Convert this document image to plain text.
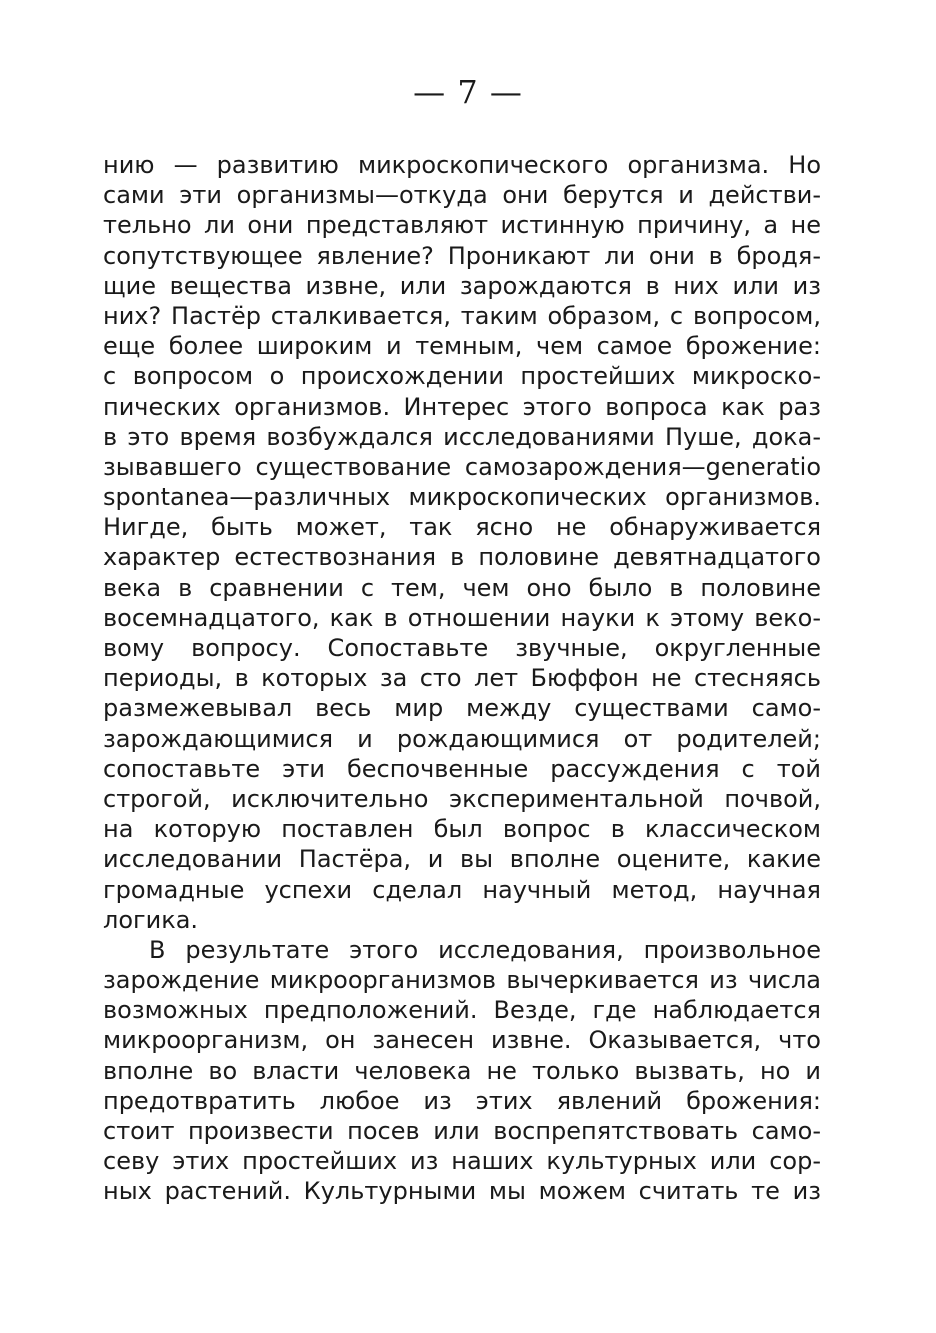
— 7 —

нию — развитию микроскопического организма. Но
сами эти организмы—откуда они берутся и действи-
тельно ли они представляют истинную причину, а не
сопутствующее явление? Проникают ли они в бродя-
щие вещества извне, или зарождаются в них или из
них? Пастёр сталкивается, таким образом, с вопросом,
еще более широким и темным, чем самое брожение:
с вопросом о происхождении простейших микроско-
пических организмов. Интерес этого вопроса как раз
в это время возбуждался исследованиями Пуше, дока-
зывавшего существование самозарождения—generatio
spontanea—различных микроскопических организмов.
Нигде, быть может, так ясно не обнаруживается
характер естествознания в половине девятнадцатого
века в сравнении с тем, чем оно было в половине
восемнадцатого, как в отношении науки к этому веко-
вому вопросу. Сопоставьте звучные, округленные
периоды, в которых за сто лет Бюффон не стесняясь
размежевывал весь мир между существами само-
зарождающимися и рождающимися от родителей;
сопоставьте эти беспочвенные рассуждения с той
строгой, исключительно экспериментальной почвой,
на которую поставлен был вопрос в классическом
исследовании Пастёра, и вы вполне оцените, какие
громадные успехи сделал научный метод, научная
логика.

В результате этого исследования, произвольное
зарождение микроорганизмов вычеркивается из числа
возможных предположений. Везде, где наблюдается
микроорганизм, он занесен извне. Оказывается, что
вполне во власти человека не только вызвать, но и
предотвратить любое из этих явлений брожения:
стоит произвести посев или воспрепятствовать само-
севу этих простейших из наших культурных или сор-
ных растений. Культурными мы можем считать те из
